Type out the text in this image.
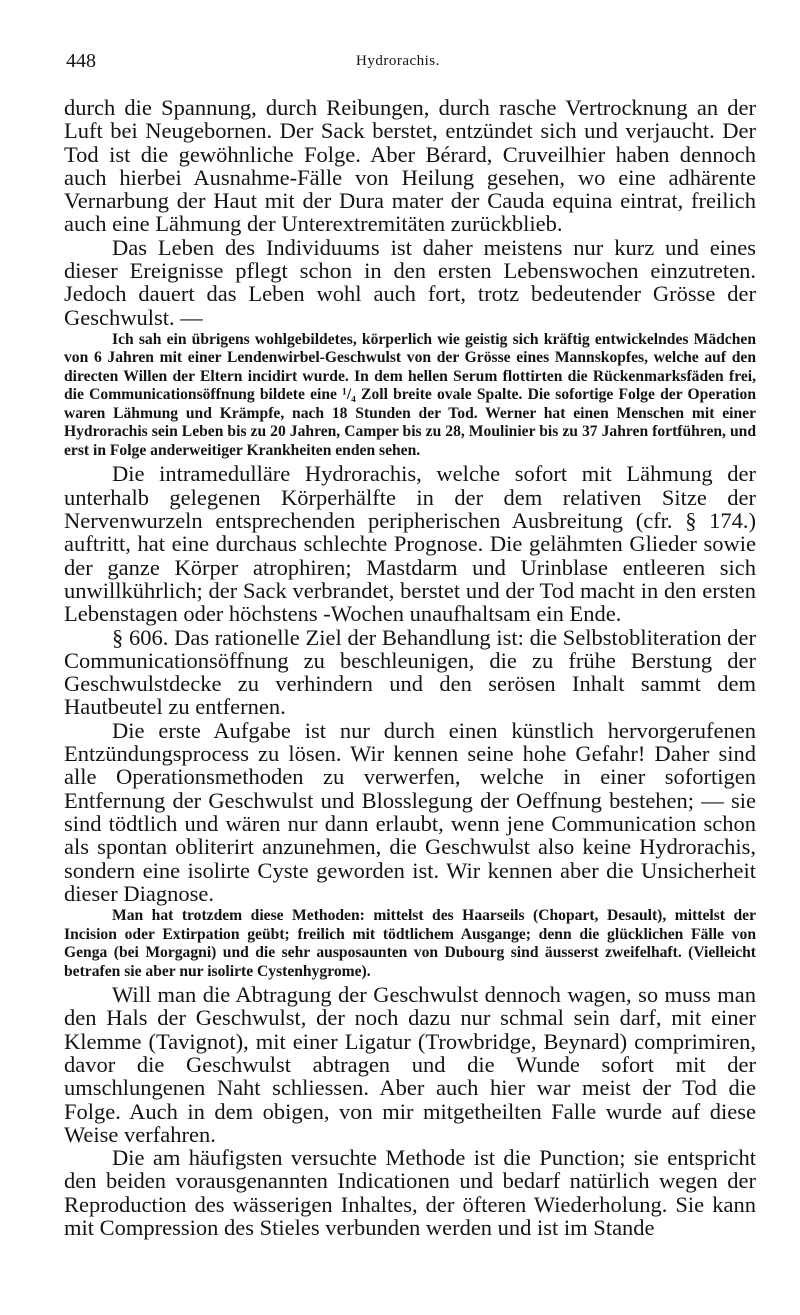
448	Hydrorachis.

durch die Spannung, durch Reibungen, durch rasche Vertrocknung an der Luft bei Neugebornen. Der Sack berstet, entzündet sich und verjaucht. Der Tod ist die gewöhnliche Folge. Aber Bérard, Cruveilhier haben dennoch auch hierbei Ausnahme-Fälle von Heilung gesehen, wo eine adhärente Vernarbung der Haut mit der Dura mater der Cauda equina eintrat, freilich auch eine Lähmung der Unterextremitäten zurückblieb.

Das Leben des Individuums ist daher meistens nur kurz und eines dieser Ereignisse pflegt schon in den ersten Lebenswochen einzutreten. Jedoch dauert das Leben wohl auch fort, trotz bedeutender Grösse der Geschwulst. —

Ich sah ein übrigens wohlgebildetes, körperlich wie geistig sich kräftig entwickelndes Mädchen von 6 Jahren mit einer Lendenwirbel-Geschwulst von der Grösse eines Mannskopfes, welche auf den directen Willen der Eltern incidirt wurde. In dem hellen Serum flottirten die Rückenmarksfäden frei, die Communicationsöffnung bildete eine ¹/₄ Zoll breite ovale Spalte. Die sofortige Folge der Operation waren Lähmung und Krämpfe, nach 18 Stunden der Tod. Werner hat einen Menschen mit einer Hydrorachis sein Leben bis zu 20 Jahren, Camper bis zu 28, Moulinier bis zu 37 Jahren fortführen, und erst in Folge anderweitiger Krankheiten enden sehen.

Die intramedulläre Hydrorachis, welche sofort mit Lähmung der unterhalb gelegenen Körperhälfte in der dem relativen Sitze der Nervenwurzeln entsprechenden peripherischen Ausbreitung (cfr. § 174.) auftritt, hat eine durchaus schlechte Prognose. Die gelähmten Glieder sowie der ganze Körper atrophiren; Mastdarm und Urinblase entleeren sich unwillkührlich; der Sack verbrandet, berstet und der Tod macht in den ersten Lebenstagen oder höchstens -Wochen unaufhaltsam ein Ende.

§ 606. Das rationelle Ziel der Behandlung ist: die Selbstobliteration der Communicationsöffnung zu beschleunigen, die zu frühe Berstung der Geschwulstdecke zu verhindern und den serösen Inhalt sammt dem Hautbeutel zu entfernen.

Die erste Aufgabe ist nur durch einen künstlich hervorgerufenen Entzündungsprocess zu lösen. Wir kennen seine hohe Gefahr! Daher sind alle Operationsmethoden zu verwerfen, welche in einer sofortigen Entfernung der Geschwulst und Blosslegung der Oeffnung bestehen; — sie sind tödtlich und wären nur dann erlaubt, wenn jene Communication schon als spontan obliterirt anzunehmen, die Geschwulst also keine Hydrorachis, sondern eine isolirte Cyste geworden ist. Wir kennen aber die Unsicherheit dieser Diagnose.

Man hat trotzdem diese Methoden: mittelst des Haarseils (Chopart, Desault), mittelst der Incision oder Extirpation geübt; freilich mit tödtlichem Ausgange; denn die glücklichen Fälle von Genga (bei Morgagni) und die sehr ausposaunten von Dubourg sind äusserst zweifelhaft. (Vielleicht betrafen sie aber nur isolirte Cystenhygrome).

Will man die Abtragung der Geschwulst dennoch wagen, so muss man den Hals der Geschwulst, der noch dazu nur schmal sein darf, mit einer Klemme (Tavignot), mit einer Ligatur (Trowbridge, Beynard) comprimiren, davor die Geschwulst abtragen und die Wunde sofort mit der umschlungenen Naht schliessen. Aber auch hier war meist der Tod die Folge. Auch in dem obigen, von mir mitgetheilten Falle wurde auf diese Weise verfahren.

Die am häufigsten versuchte Methode ist die Punction; sie entspricht den beiden vorausgenannten Indicationen und bedarf natürlich wegen der Reproduction des wässerigen Inhaltes, der öfteren Wiederholung. Sie kann mit Compression des Stieles verbunden werden und ist im Stande
